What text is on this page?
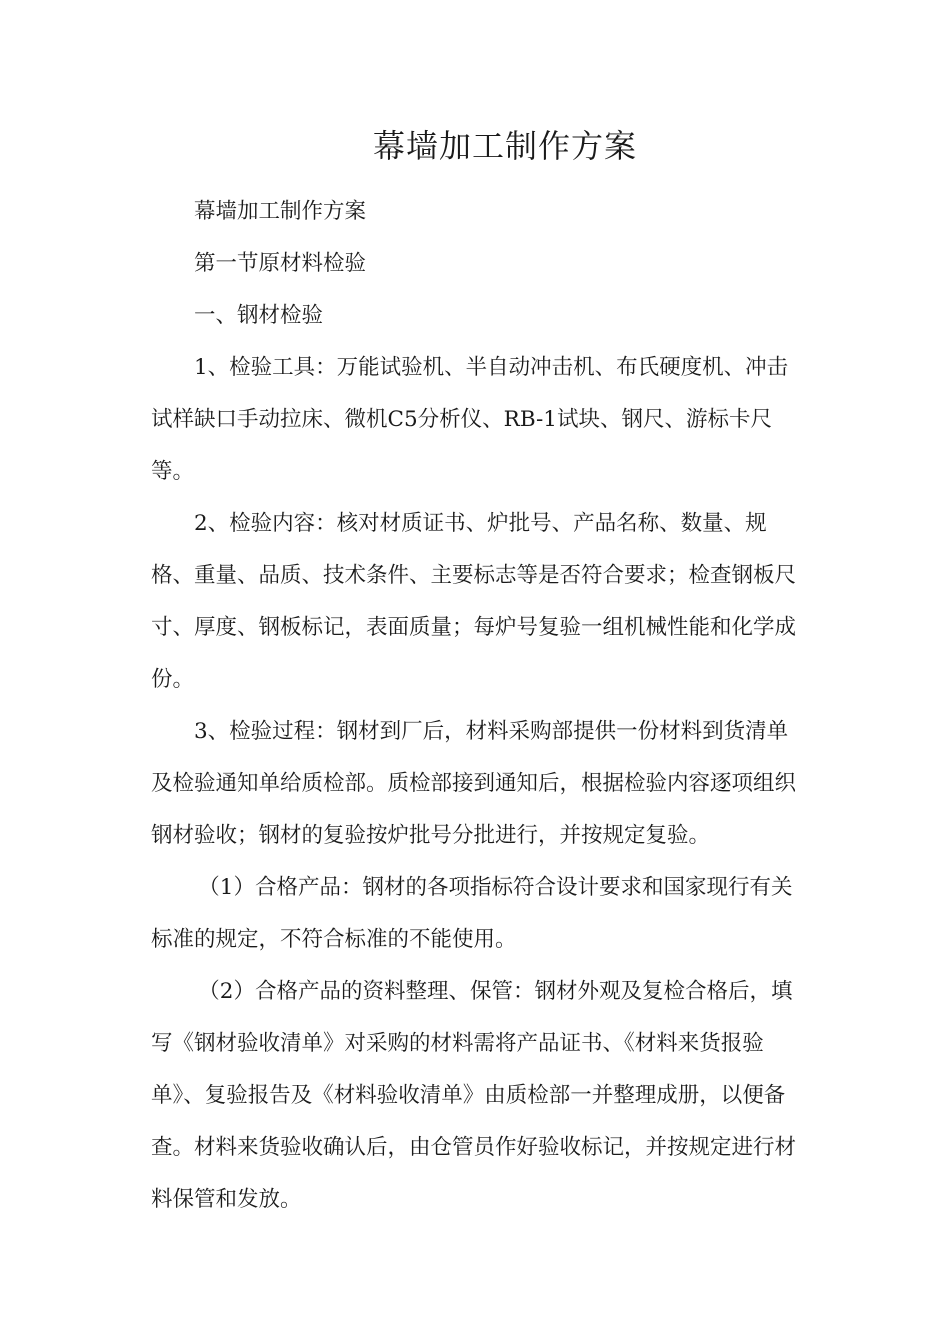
幕墙加工制作方案

幕墙加工制作方案

第一节原材料检验

一、钢材检验

1、检验工具：万能试验机、半自动冲击机、布氏硬度机、冲击试样缺口手动拉床、微机C5分析仪、RB-1试块、钢尺、游标卡尺等。

2、检验内容：核对材质证书、炉批号、产品名称、数量、规格、重量、品质、技术条件、主要标志等是否符合要求；检查钢板尺寸、厚度、钢板标记，表面质量；每炉号复验一组机械性能和化学成份。

3、检验过程：钢材到厂后，材料采购部提供一份材料到货清单及检验通知单给质检部。质检部接到通知后，根据检验内容逐项组织钢材验收；钢材的复验按炉批号分批进行，并按规定复验。

（1）合格产品：钢材的各项指标符合设计要求和国家现行有关标准的规定，不符合标准的不能使用。

（2）合格产品的资料整理、保管：钢材外观及复检合格后，填写《钢材验收清单》对采购的材料需将产品证书、《材料来货报验单》、复验报告及《材料验收清单》由质检部一并整理成册，以便备查。材料来货验收确认后，由仓管员作好验收标记，并按规定进行材料保管和发放。
